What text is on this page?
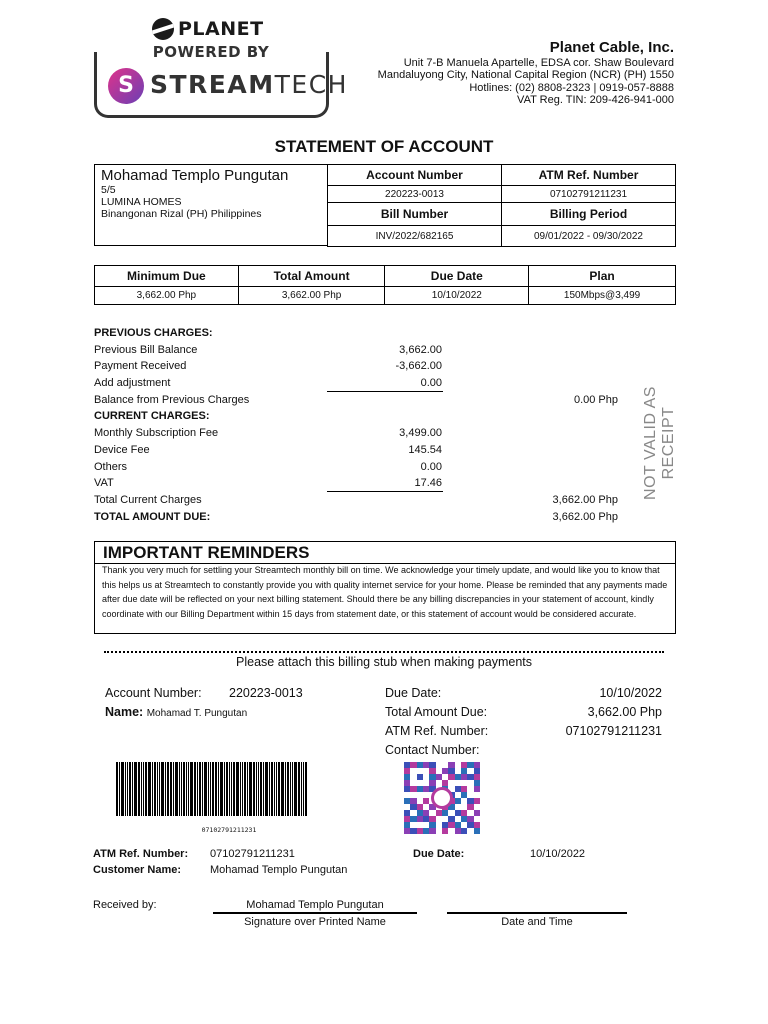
PLANET
POWERED BY
S
STREAMTECH
Planet Cable, Inc.
Unit 7-B Manuela Apartelle, EDSA cor. Shaw Boulevard
Mandaluyong City, National Capital Region (NCR) (PH) 1550
Hotlines: (02) 8808-2323 | 0919-057-8888
VAT Reg. TIN: 209-426-941-000
STATEMENT OF ACCOUNT
Mohamad Templo Pungutan
5/5
LUMINA HOMES
Binangonan Rizal (PH) Philippines
Account Number	ATM Ref. Number
220223-0013	07102791211231
Bill Number	Billing Period
INV/2022/682165	09/01/2022 - 09/30/2022
Minimum Due	Total Amount	Due Date	Plan
3,662.00 Php	3,662.00 Php	10/10/2022	150Mbps@3,499
PREVIOUS CHARGES:
Previous Bill Balance	3,662.00
Payment Received	-3,662.00
Add adjustment	0.00
Balance from Previous Charges	0.00 Php
CURRENT CHARGES:
Monthly Subscription Fee	3,499.00
Device Fee	145.54
Others	0.00
VAT	17.46
Total Current Charges	3,662.00 Php
TOTAL AMOUNT DUE:	3,662.00 Php
NOT VALID AS RECEIPT
IMPORTANT REMINDERS
Thank you very much for settling your Streamtech monthly bill on time. We acknowledge your timely update, and would like you to know that this helps us at Streamtech to constantly provide you with quality internet service for your home. Please be reminded that any payments made after due date will be reflected on your next billing statement. Should there be any billing discrepancies in your statement of account, kindly coordinate with our Billing Department within 15 days from statement date, or this statement of account would be considered accurate.
Please attach this billing stub when making payments
Account Number: 220223-0013
Name: Mohamad T. Pungutan
Due Date:	10/10/2022
Total Amount Due:	3,662.00 Php
ATM Ref. Number:	07102791211231
Contact Number:
07102791211231
ATM Ref. Number: 07102791211231	Due Date:	10/10/2022
Customer Name:	Mohamad Templo Pungutan
Received by:	Mohamad Templo Pungutan
Signature over Printed Name	Date and Time
